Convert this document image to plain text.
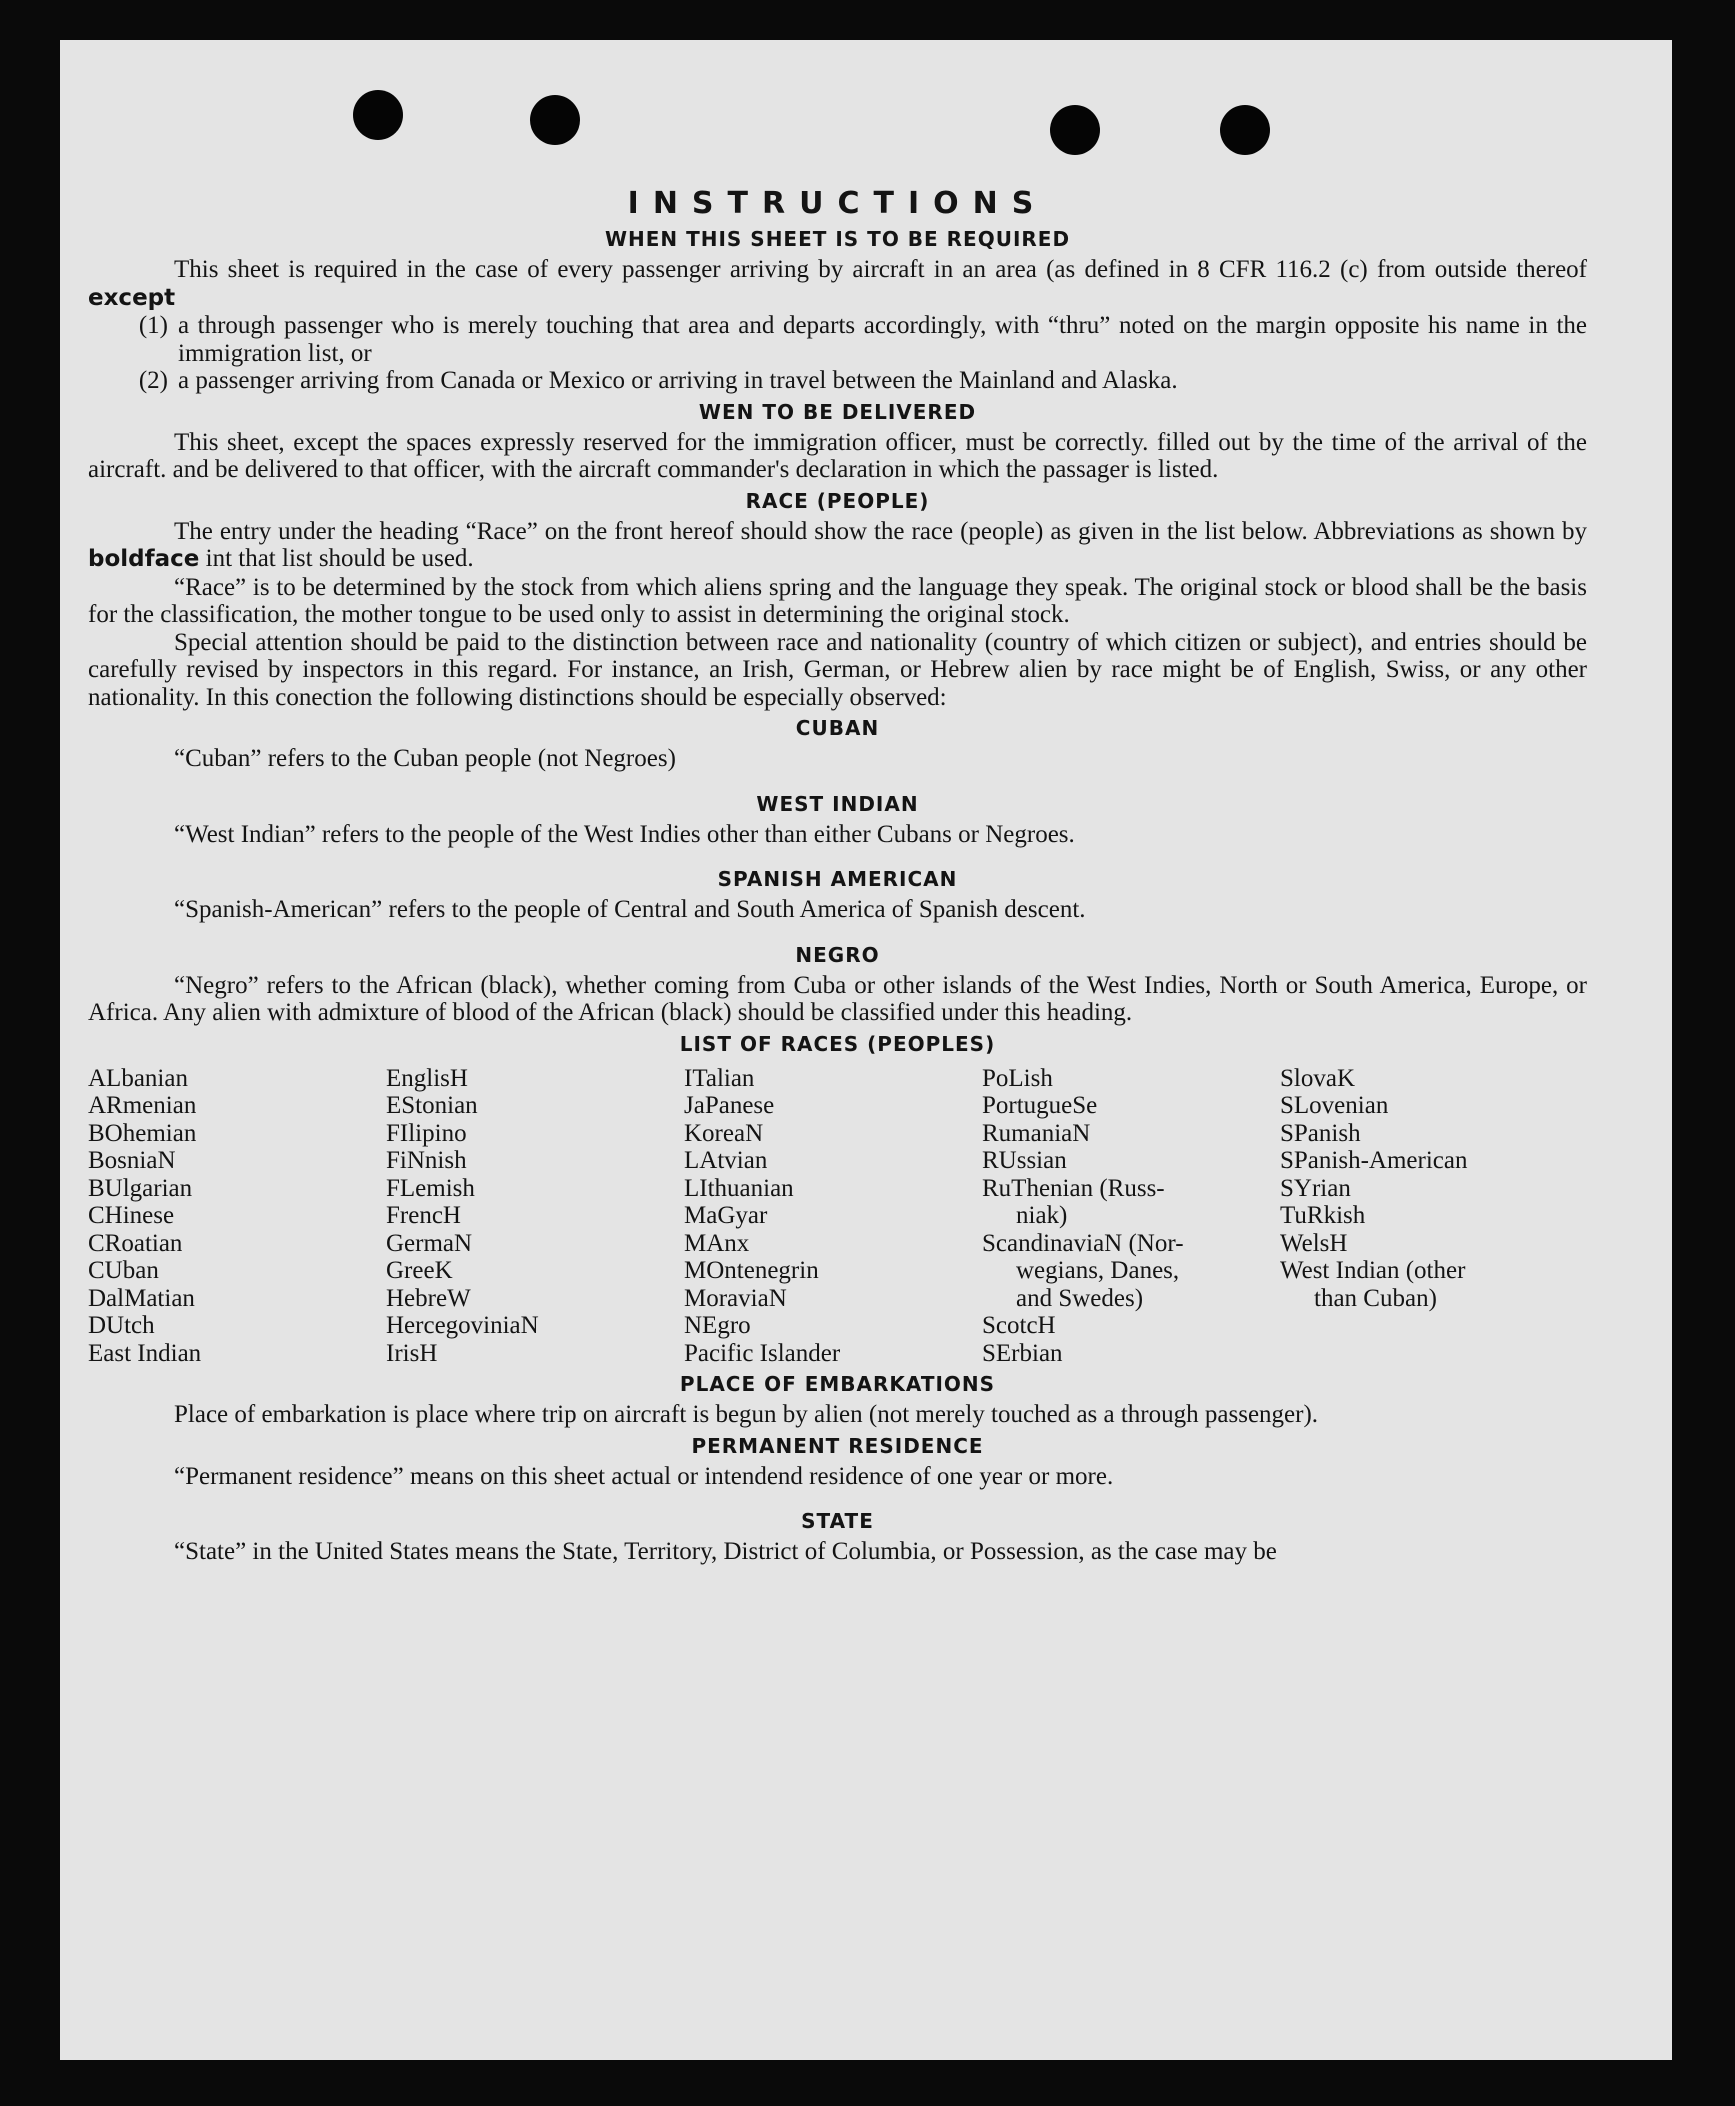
INSTRUCTIONS
WHEN THIS SHEET IS TO BE REQUIRED

This sheet is required in the case of every passenger arriving by aircraft in an area (as defined in 8 CFR 116.2 (c) from outside thereof except

(1) a through passenger who is merely touching that area and departs accordingly, with “thru” noted on the margin opposite his name in the immigration list, or
(2) a passenger arriving from Canada or Mexico or arriving in travel between the Mainland and Alaska.
WEN TO BE DELIVERED

This sheet, except the spaces expressly reserved for the immigration officer, must be correctly. filled out by the time of the arrival of the aircraft. and be delivered to that officer, with the aircraft commander's declaration in which the passager is listed.

RACE (PEOPLE)

The entry under the heading “Race” on the front hereof should show the race (people) as given in the list below. Abbreviations as shown by boldface int that list should be used.

“Race” is to be determined by the stock from which aliens spring and the language they speak. The original stock or blood shall be the basis for the classification, the mother tongue to be used only to assist in determining the original stock.

Special attention should be paid to the distinction between race and nationality (country of which citizen or subject), and entries should be carefully revised by inspectors in this regard. For instance, an Irish, German, or Hebrew alien by race might be of English, Swiss, or any other nationality. In this conection the following distinctions should be especially observed:

CUBAN

“Cuban” refers to the Cuban people (not Negroes)

WEST INDIAN

“West Indian” refers to the people of the West Indies other than either Cubans or Negroes.

SPANISH AMERICAN

“Spanish-American” refers to the people of Central and South America of Spanish descent.

NEGRO

“Negro” refers to the African (black), whether coming from Cuba or other islands of the West Indies, North or South America, Europe, or Africa. Any alien with admixture of blood of the African (black) should be classified under this heading.

LIST OF RACES (PEOPLES)
ALbanian
ARmenian
BOhemian
BosniaN
BUlgarian
CHinese
CRoatian
CUban
DalMatian
DUtch
East Indian
EnglisH
EStonian
FIlipino
FiNnish
FLemish
FrencH
GermaN
GreeK
HebreW
HercegoviniaN
IrisH
ITalian
JaPanese
KoreaN
LAtvian
LIthuanian
MaGyar
MAnx
MOntenegrin
MoraviaN
NEgro
Pacific Islander
PoLish
PortugueSe
RumaniaN
RUssian
RuThenian (Russ-
niak)
ScandinaviaN (Nor-
wegians, Danes,
and Swedes)
ScotcH
SErbian
SlovaK
SLovenian
SPanish
SPanish-American
SYrian
TuRkish
WelsH
West Indian (other
than Cuban)
PLACE OF EMBARKATIONS

Place of embarkation is place where trip on aircraft is begun by alien (not merely touched as a through passenger).

PERMANENT RESIDENCE

“Permanent residence” means on this sheet actual or intendend residence of one year or more.

STATE

“State” in the United States means the State, Territory, District of Columbia, or Possession, as the case may be
